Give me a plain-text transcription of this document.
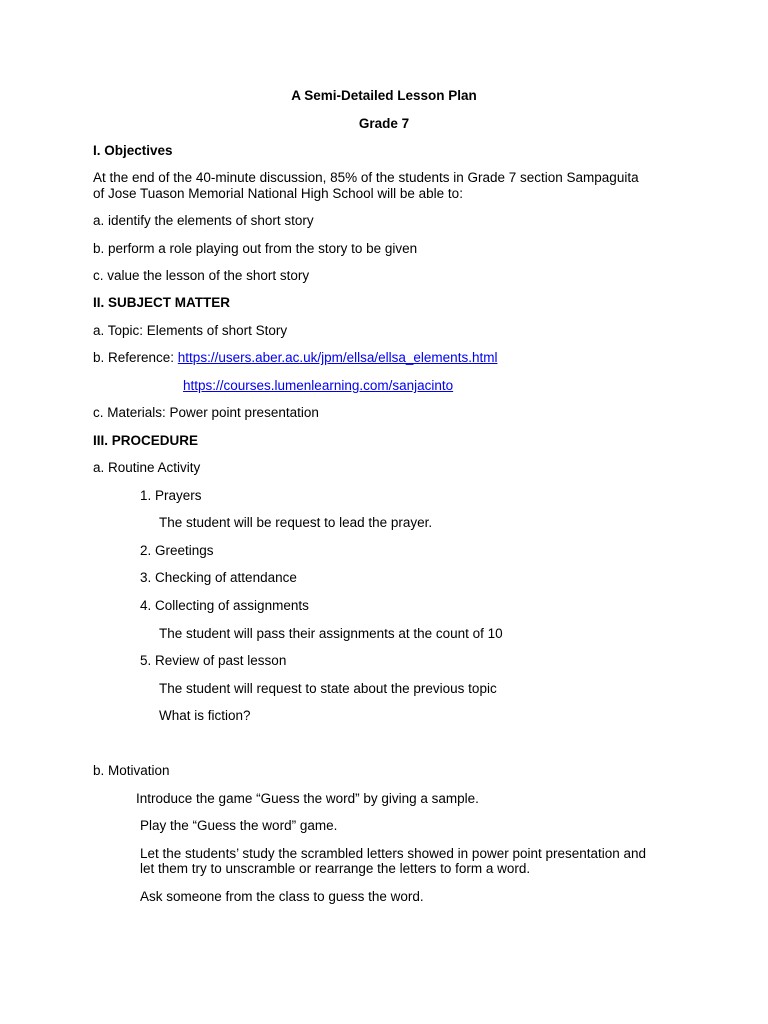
A Semi-Detailed Lesson Plan
Grade 7
I. Objectives
At the end of the 40-minute discussion, 85% of the students in Grade 7 section Sampaguita
of Jose Tuason Memorial National High School will be able to:
a. identify the elements of short story
b. perform a role playing out from the story to be given
c. value the lesson of the short story
II. SUBJECT MATTER
a. Topic: Elements of short Story
b. Reference: https://users.aber.ac.uk/jpm/ellsa/ellsa_elements.html
https://courses.lumenlearning.com/sanjacinto
c. Materials: Power point presentation
III. PROCEDURE
a. Routine Activity
1. Prayers
The student will be request to lead the prayer.
2. Greetings
3. Checking of attendance
4. Collecting of assignments
The student will pass their assignments at the count of 10
5. Review of past lesson
The student will request to state about the previous topic
What is fiction?
b. Motivation
Introduce the game “Guess the word” by giving a sample.
Play the “Guess the word” game.
Let the students’ study the scrambled letters showed in power point presentation and
let them try to unscramble or rearrange the letters to form a word.
Ask someone from the class to guess the word.
